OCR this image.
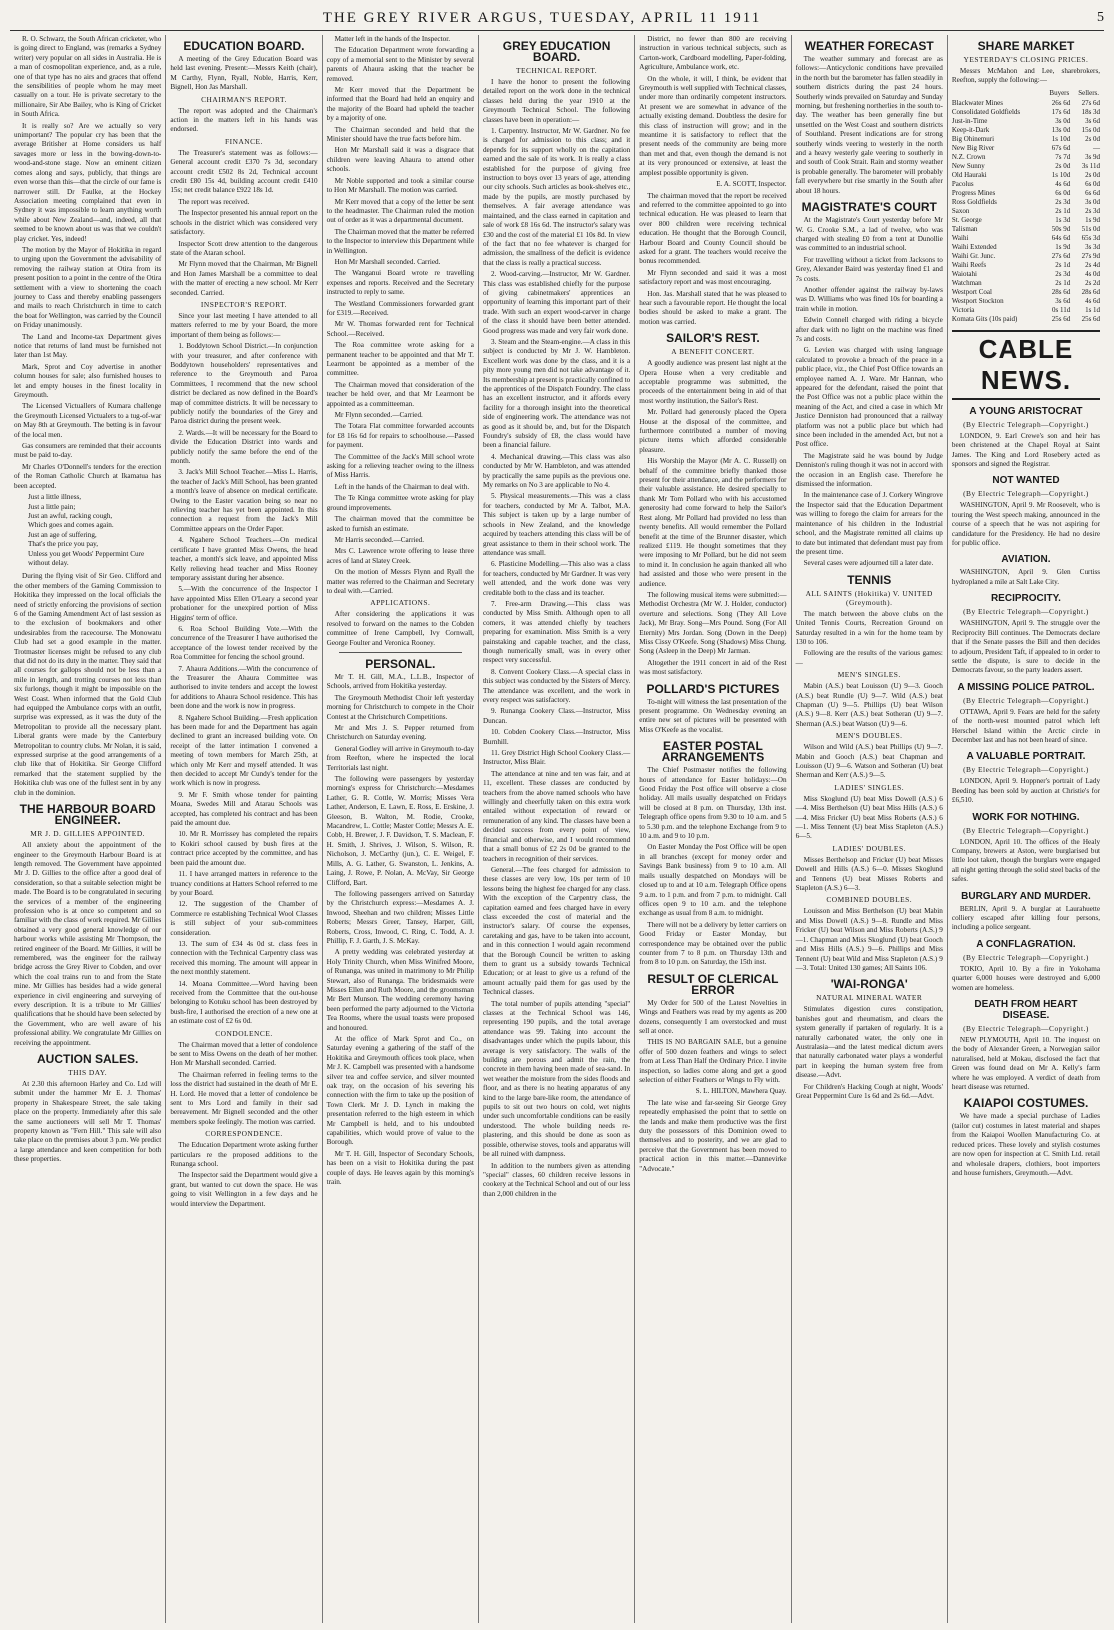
THE GREY RIVER ARGUS, TUESDAY, APRIL 11 1911	5

R. O. Schwarz, the South African cricketer, who is going direct to England, was (remarks a Sydney writer) very popular on all sides in Australia. He is a man of cosmopolitan experience, and, as a rule, one of that type has no airs and graces that offend the sensibilities of people whom he may meet casually on a tour. He is private secretary to the millionaire, Sir Abe Bailey, who is King of Cricket in South Africa.

It is really so? Are we actually so very unimportant? The popular cry has been that the average Britisher at Home considers us half savages more or less in the bowing-down-to-wood-and-stone stage. Now an eminent citizen comes along and says, publicly, that things are even worse than this—that the circle of our fame is narrower still. Dr Faulke, at the Hockey Association meeting complained that even in Sydney it was impossible to learn anything worth while about New Zealand—and, indeed, all that seemed to be known about us was that we couldn't play cricket. Yes, indeed!

The motion by the Mayor of Hokitika in regard to urging upon the Government the advisability of removing the railway station at Otira from its present position to a point in the centre of the Otira settlement with a view to shortening the coach journey to Cass and thereby enabling passengers and mails to reach Christchurch in time to catch the boat for Wellington, was carried by the Council on Friday unanimously.

The Land and Income-tax Department gives notice that returns of land must be furnished not later than 1st May.

Mark, Sprot and Coy advertise in another column houses for sale; also furnished houses to let and empty houses in the finest locality in Greymouth.

The Licensed Victuallers of Kumara challenge the Greymouth Licensed Victualers to a tug-of-war on May 8th at Greymouth. The betting is in favour of the local men.

Gas consumers are reminded that their accounts must be paid to-day.

Mr Charles O'Donnell's tenders for the erection of the Roman Catholic Church at Ikamatua has been accepted.

Just a little illness,
Just a little pain;
Just an awful, racking cough,
Which goes and comes again.
Just an age of suffering,
That's the price you pay,
Unless you get Woods' Peppermint Cure without delay.

During the flying visit of Sir Geo. Clifford and the other members of the Gaming Commission to Hokitika they impressed on the local officials the need of strictly enforcing the provisions of section 6 of the Gaming Amendment Act of last session as to the exclusion of bookmakers and other undesirables from the racecourse. The Monowatu Club had set a good example in the matter. Trotmaster licenses might be refused to any club that did not do its duty in the matter. They said that all courses for gallops should not be less than a mile in length, and trotting courses not less than six furlongs, though it might be impossible on the West Coast. When informed that the Gold Club had equipped the Ambulance corps with an outfit, surprise was expressed, as it was the duty of the Metropolitan to provide all the necessary plant. Liberal grants were made by the Canterbury Metropolitan to country clubs. Mr Nolan, it is said, expressed surprise at the good arrangements of a club like that of Hokitika. Sir George Clifford remarked that the statement supplied by the Hokitika club was one of the fullest sent in by any club in the dominion.

THE HARBOUR BOARD ENGINEER.
MR J. D. GILLIES APPOINTED.

All anxiety about the appointment of the engineer to the Greymouth Harbour Board is at length removed. The Government have appointed Mr J. D. Gillies to the office after a good deal of consideration, so that a suitable selection might be made. The Board is to be congratulated in securing the services of a member of the engineering profession who is at once so competent and so familiar with the class of work required. Mr Gillies obtained a very good general knowledge of our harbour works while assisting Mr Thompson, the retired engineer of the Board. Mr Gillies, it will be remembered, was the engineer for the railway bridge across the Grey River to Cobden, and over which the coal trains run to and from the State mine. Mr Gillies has besides had a wide general experience in civil engineering and surveying of every description. It is a tribute to Mr Gillies' qualifications that he should have been selected by the Government, who are well aware of his professional ability. We congratulate Mr Gillies on receiving the appointment.

AUCTION SALES.
THIS DAY.

At 2.30 this afternoon Harley and Co. Ltd will submit under the hammer Mr E. J. Thomas' property in Shakespeare Street, the sale taking place on the property. Immediately after this sale the same auctioneers will sell Mr T. Thomas' property known as "Fern Hill." This sale will also take place on the premises about 3 p.m. We predict a large attendance and keen competition for both these properties.

EDUCATION BOARD.

A meeting of the Grey Education Board was held last evening. Present:—Messrs Keith (chair), M Carthy, Flynn, Ryall, Noble, Harris, Kerr, Bignell, Hon Jas Marshall.

CHAIRMAN'S REPORT.

The report was adopted and the Chairman's action in the matters left in his hands was endorsed.

FINANCE.

The Treasurer's statement was as follows:—General account credit £370 7s 3d, secondary account credit £502 8s 2d, Technical account credit £80 15s 4d, building account credit £410 15s; net credit balance £922 18s 1d.

The report was received.

The Inspector presented his annual report on the schools in the district which was considered very satisfactory.

Inspector Scott drew attention to the dangerous state of the Ataran school.

Mr Flynn moved that the Chairman, Mr Bignell and Hon James Marshall be a committee to deal with the matter of erecting a new school. Mr Kerr seconded. Carried.

INSPECTOR'S REPORT.

Since your last meeting I have attended to all matters referred to me by your Board, the more important of them being as follows:—

1. Boddytown School District.—In conjunction with your treasurer, and after conference with Boddytown householders' representatives and reference to the Greymouth and Paroa Committees, I recommend that the new school district be declared as now defined in the Board's map of committee districts. It will be necessary to publicly notify the boundaries of the Grey and Paroa district during the present week.

2. Wards.—It will be necessary for the Board to divide the Education District into wards and publicly notify the same before the end of the month.

3. Jack's Mill School Teacher.—Miss L. Harris, the teacher of Jack's Mill School, has been granted a month's leave of absence on medical certificate. Owing to the Easter vacation being so near no relieving teacher has yet been appointed. In this connection a request from the Jack's Mill Committee appears on the Order Paper.

4. Ngahere School Teachers.—On medical certificate I have granted Miss Owens, the head teacher, a month's sick leave, and appointed Miss Kelly relieving head teacher and Miss Rooney temporary assistant during her absence.

5.—With the concurrence of the Inspector I have appointed Miss Ellen O'Leary a second year probationer for the unexpired portion of Miss Higgins' term of office.

6. Roa School Building Vote.—With the concurrence of the Treasurer I have authorised the acceptance of the lowest tender received by the Roa Committee for fencing the school ground.

7. Ahaura Additions.—With the concurrence of the Treasurer the Ahaura Committee was authorised to invite tenders and accept the lowest for additions to Ahaura School residence. This has been done and the work is now in progress.

8. Ngahere School Building.—Fresh application has been made for and the Department has again declined to grant an increased building vote. On receipt of the latter intimation I convened a meeting of town members for March 25th, at which only Mr Kerr and myself attended. It was then decided to accept Mr Cundy's tender for the work which is now in progress.

9. Mr F. Smith whose tender for painting Moana, Swedes Mill and Atarau Schools was accepted, has completed his contract and has been paid the amount due.

10. Mr R. Morrissey has completed the repairs to Kokiri school caused by bush fires at the contract price accepted by the committee, and has been paid the amount due.

11. I have arranged matters in reference to the truancy conditions at Hatters School referred to me by your Board.

12. The suggestion of the Chamber of Commerce re establishing Technical Wool Classes is still subject of your sub-committees consideration.

13. The sum of £34 4s 0d st. class fees in connection with the Technical Carpentry class was received this morning. The amount will appear in the next monthly statement.

14. Moana Committee.—Word having been received from the Committee that the out-house belonging to Kotuku school has been destroyed by bush-fire, I authorised the erection of a new one at an estimate cost of £2 6s 0d.

CONDOLENCE.

The Chairman moved that a letter of condolence be sent to Miss Owens on the death of her mother. Hon Mr Marshall seconded. Carried.

The Chairman referred in feeling terms to the loss the district had sustained in the death of Mr E. H. Lord. He moved that a letter of condolence be sent to Mrs Lord and family in their sad bereavement. Mr Bignell seconded and the other members spoke feelingly. The motion was carried.

CORRESPONDENCE.

The Education Department wrote asking further particulars re the proposed additions to the Runanga school.

The Inspector said the Department would give a grant, but wanted to cut down the space. He was going to visit Wellington in a few days and he would interview the Department.

Matter left in the hands of the Inspector.

The Education Department wrote forwarding a copy of a memorial sent to the Minister by several parents of Ahaura asking that the teacher be removed.

Mr Kerr moved that the Department be informed that the Board had held an enquiry and the majority of the Board had upheld the teacher by a majority of one.

The Chairman seconded and held that the Minister should have the true facts before him.

Hon Mr Marshall said it was a disgrace that children were leaving Ahaura to attend other schools.

Mr Noble supported and took a similar course to Hon Mr Marshall. The motion was carried.

Mr Kerr moved that a copy of the letter be sent to the headmaster. The Chairman ruled the motion out of order as it was a departmental document.

The Chairman moved that the matter be referred to the Inspector to interview this Department while in Wellington.

Hon Mr Marshall seconded. Carried.

The Wanganui Board wrote re travelling expenses and reports. Received and the Secretary instructed to reply to same.

The Westland Commissioners forwarded grant for £319.—Received.

Mr W. Thomas forwarded rent for Technical School.—Received.

The Roa committee wrote asking for a permanent teacher to be appointed and that Mr T. Learmont be appointed as a member of the committee.

The Chairman moved that consideration of the teacher be held over, and that Mr Learmont be appointed as a committeeman.

Mr Flynn seconded.—Carried.

The Totara Flat committee forwarded accounts for £8 16s 6d for repairs to schoolhouse.—Passed for payment.

The Committee of the Jack's Mill school wrote asking for a relieving teacher owing to the illness of Miss Harris.

Left in the hands of the Chairman to deal with.

The Te Kinga committee wrote asking for play ground improvements.

The chairman moved that the committee be asked to furnish an estimate.

Mr Harris seconded.—Carried.

Mrs C. Lawrence wrote offering to lease three acres of land at Slatey Creek.

On the motion of Messrs Flynn and Ryall the matter was referred to the Chairman and Secretary to deal with.—Carried.

APPLICATIONS.

After considering the applications it was resolved to forward on the names to the Cobden committee of Irene Campbell, Ivy Cornwall, George Foulter and Veronica Rooney.

PERSONAL.

Mr T. H. Gill, M.A., L.L.B., Inspector of Schools, arrived from Hokitika yesterday.

The Greymouth Methodist Choir left yesterday morning for Christchurch to compete in the Choir Contest at the Christchurch Competitions.

Mr and Mrs J. S. Pepper returned from Christchurch on Saturday evening.

General Godley will arrive in Greymouth to-day from Reefton, where he inspected the local Territorials last night.

The following were passengers by yesterday morning's express for Christchurch:—Mesdames Lather, G. R. Cottle, W. Morris; Misses Vera Lather, Anderson, E. Lawn, E. Ross, E. Erskine, J. Gleeson, B. Walton, M. Rodie, Crooke, Macandrew, L. Cottle; Master Cottle; Messrs A. E. Cobb, H. Brewer, J. F. Davidson, T. S. Maclean, F. H. Smith, J. Shrives, J. Wilson, S. Wilson, R. Nicholson, J. McCarthy (jun.), C. E. Weigel, F. Mills, A. G. Lather, G. Swanston, L. Jenkins, A. Laing, J. Rowe, P. Nolan, A. McVay, Sir George Clifford, Bart.

The following passengers arrived on Saturday by the Christchurch express:—Mesdames A. J. Inwood, Sheehan and two children; Misses Little Roberts; Messrs Greer, Tansey, Harper, Gill, Roberts, Cross, Inwood, C. Ring, C. Todd, A. J. Phillip, F. J. Garth, J. S. McKay.

A pretty wedding was celebrated yesterday at Holy Trinity Church, when Miss Winifred Moore, of Runanga, was united in matrimony to Mr Philip Stewart, also of Runanga. The bridesmaids were Misses Ellen and Ruth Moore, and the groomsman Mr Bert Munson. The wedding ceremony having been performed the party adjourned to the Victoria Tea Rooms, where the usual toasts were proposed and honoured.

At the office of Mark Sprot and Co., on Saturday evening a gathering of the staff of the Hokitika and Greymouth offices took place, when Mr J. K. Campbell was presented with a handsome silver tea and coffee service, and silver mounted oak tray, on the occasion of his severing his connection with the firm to take up the position of Town Clerk. Mr J. D. Lynch in making the presentation referred to the high esteem in which Mr Campbell is held, and to his undoubted capabilities, which would prove of value to the Borough.

Mr T. H. Gill, Inspector of Secondary Schools, has been on a visit to Hokitika during the past couple of days. He leaves again by this morning's train.

GREY EDUCATION BOARD.
TECHNICAL REPORT.

I have the honor to present the following detailed report on the work done in the technical classes held during the year 1910 at the Greymouth Technical School. The following classes have been in operation:—

1. Carpentry. Instructor, Mr W. Gardner. No fee is charged for admission to this class; and it depends for its support wholly on the capitation earned and the sale of its work. It is really a class established for the purpose of giving free instruction to boys over 13 years of age, attending our city schools. Such articles as book-shelves etc., made by the pupils, are mostly purchased by themselves. A fair average attendance was maintained, and the class earned in capitation and sale of work £8 16s 6d. The instructor's salary was £30 and the cost of the material £1 10s 8d. In view of the fact that no fee whatever is charged for admission, the smallness of the deficit is evidence that the class is really a practical success.

2. Wood-carving.—Instructor, Mr W. Gardner. This class was established chiefly for the purpose of giving cabinetmakers' apprentices an opportunity of learning this important part of their trade. With such an expert wood-carver in charge of the class it should have been better attended. Good progress was made and very fair work done.

3. Steam and the Steam-engine.—A class in this subject is conducted by Mr J. W. Hambleton. Excellent work was done by the class, and it is a pity more young men did not take advantage of it. Its membership at present is practically confined to the apprentices of the Dispatch Foundry. The class has an excellent instructor, and it affords every facility for a thorough insight into the theoretical side of engineering work. The attendance was not as good as it should be, and, but for the Dispatch Foundry's subsidy of £8, the class would have been a financial failure.

4. Mechanical drawing.—This class was also conducted by Mr W. Hambleton, and was attended by practically the same pupils as the previous one. My remarks on No 3 are applicable to No 4.

5. Physical measurements.—This was a class for teachers, conducted by Mr A. Talbot, M.A. This subject is taken up by a large number of schools in New Zealand, and the knowledge acquired by teachers attending this class will be of great assistance to them in their school work. The attendance was small.

6. Plasticine Modelling.—This also was a class for teachers, conducted by Mr Gardner. It was very well attended, and the work done was very creditable both to the class and its teacher.

7. Free-arm Drawing.—This class was conducted by Miss Smith. Although open to all comers, it was attended chiefly by teachers preparing for examination. Miss Smith is a very painstaking and capable teacher, and the class, though numerically small, was in every other respect very successful.

8. Convent Cookery Class.—A special class in this subject was conducted by the Sisters of Mercy. The attendance was excellent, and the work in every respect was satisfactory.

9. Runanga Cookery Class.—Instructor, Miss Duncan.

10. Cobden Cookery Class.—Instructor, Miss Burnhill.

11. Grey District High School Cookery Class.—Instructor, Miss Blair.

The attendance at nine and ten was fair, and at 11, excellent. These classes are conducted by teachers from the above named schools who have willingly and cheerfully taken on this extra work entailed without expectation of reward or remuneration of any kind. The classes have been a decided success from every point of view, financial and otherwise, and I would recommend that a small bonus of £2 2s 0d be granted to the teachers in recognition of their services.

General.—The fees charged for admission to these classes are very low, 10s per term of 10 lessons being the highest fee charged for any class. With the exception of the Carpentry class, the capitation earned and fees charged have in every class exceeded the cost of material and the instructor's salary. Of course the expenses, caretaking and gas, have to be taken into account, and in this connection I would again recommend that the Borough Council be written to asking them to grant us a subsidy towards Technical Education; or at least to give us a refund of the amount actually paid them for gas used by the Technical classes.

The total number of pupils attending "special" classes at the Technical School was 146, representing 190 pupils, and the total average attendance was 99. Taking into account the disadvantages under which the pupils labour, this average is very satisfactory. The walls of the building are porous and admit the rain, the concrete in them having been made of sea-sand. In wet weather the moisture from the sides floods and floor, and as there is no heating apparatus of any kind to the large bare-like room, the attendance of pupils to sit out two hours on cold, wet nights under such uncomfortable conditions can be easily understood. The whole building needs re-plastering, and this should be done as soon as possible, otherwise stoves, tools and apparatus will be all ruined with dampness.

In addition to the numbers given as attending "special" classes, 60 children receive lessons in cookery at the Technical School and out of our less than 2,000 children in the

District, no fewer than 800 are receiving instruction in various technical subjects, such as Carton-work, Cardboard modelling, Paper-folding, Agriculture, Ambulance work, etc.

On the whole, it will, I think, be evident that Greymouth is well supplied with Technical classes, under more than ordinarily competent instructors. At present we are somewhat in advance of the actually existing demand. Doubtless the desire for this class of instruction will grow; and in the meantime it is satisfactory to reflect that the present needs of the community are being more than met and that, even though the demand is not at its very pronounced or extensive, at least the amplest possible opportunity is given.

E. A. SCOTT, Inspector.

The chairman moved that the report be received and referred to the committee appointed to go into technical education. He was pleased to learn that over 800 children were receiving technical education. He thought that the Borough Council, Harbour Board and County Council should be asked for a grant. The teachers would receive the bonus recommended.

Mr Flynn seconded and said it was a most satisfactory report and was most encouraging.

Hon. Jas. Marshall stated that he was pleased to hear such a favourable report. He thought the local bodies should be asked to make a grant. The motion was carried.

SAILOR'S REST.
A BENEFIT CONCERT.

A goodly audience was present last night at the Opera House when a very creditable and acceptable programme was submitted, the proceeds of the entertainment being in aid of that most worthy institution, the Sailor's Rest.

Mr. Pollard had generously placed the Opera House at the disposal of the committee, and furthermore contributed a number of moving picture items which afforded considerable pleasure.

His Worship the Mayor (Mr A. C. Russell) on behalf of the committee briefly thanked those present for their attendance, and the performers for their valuable assistance. He desired specially to thank Mr Tom Pollard who with his accustomed generosity had come forward to help the Sailor's Rest along. Mr Pollard had provided no less than twenty benefits. All would remember the Pollard benefit at the time of the Brunner disaster, which realized £119. He thought sometimes that they were imposing to Mr Pollard, but he did not seem to mind it. In conclusion he again thanked all who had assisted and those who were present in the audience.

The following musical items were submitted:—Methodist Orchestra (Mr W. J. Holder, conductor) overture and selections. Song (They All Love Jack), Mr Bray. Song—Mrs Pound. Song (For All Eternity) Mrs Jordan. Song (Down in the Deep) Miss Cissy O'Keefe. Song (Shadows) Miss Chung. Song (Asleep in the Deep) Mr Jarman.

Altogether the 1911 concert in aid of the Rest was most satisfactory.

POLLARD'S PICTURES

To-night will witness the last presentation of the present programme. On Wednesday evening an entire new set of pictures will be presented with Miss O'Keefe as the vocalist.

EASTER POSTAL ARRANGEMENTS

The Chief Postmaster notifies the following hours of attendance for Easter holidays:—On Good Friday the Post office will observe a close holiday. All mails usually despatched on Fridays will be closed at 8 p.m. on Thursday, 13th inst. Telegraph office opens from 9.30 to 10 a.m. and 5 to 5.30 p.m. and the telephone Exchange from 9 to 10 a.m. and 9 to 10 p.m.

On Easter Monday the Post Office will be open in all branches (except for money order and Savings Bank business) from 9 to 10 a.m. All mails usually despatched on Mondays will be closed up to and at 10 a.m. Telegraph Office opens 9 a.m. to 1 p.m. and from 7 p.m. to midnight. Call offices open 9 to 10 a.m. and the telephone exchange as usual from 8 a.m. to midnight.

There will not be a delivery by letter carriers on Good Friday or Easter Monday, but correspondence may be obtained over the public counter from 7 to 8 p.m. on Thursday 13th and from 8 to 10 p.m. on Saturday, the 15th inst.

RESULT OF CLERICAL ERROR

My Order for 500 of the Latest Novelties in Wings and Feathers was read by my agents as 200 dozens, consequently I am overstocked and must sell at once.

THIS IS NO BARGAIN SALE, but a genuine offer of 500 dozen feathers and wings to select from at Less Than Half the Ordinary Price. I invite inspection, so ladies come along and get a good selection of either Feathers or Wings to Fly with.

S. L. HILTON, Mawhera Quay.

The late wise and far-seeing Sir George Grey repeatedly emphasised the point that to settle on the lands and make them productive was the first duty the possessors of this Dominion owed to themselves and to posterity, and we are glad to perceive that the Government has been moved to practical action in this matter.—Dannevirke "Advocate."

WEATHER FORECAST

The weather summary and forecast are as follows:—Anticyclonic conditions have prevailed in the north but the barometer has fallen steadily in southern districts during the past 24 hours. Southerly winds prevailed on Saturday and Sunday morning, but freshening northerlies in the south to-day. The weather has been generally fine but unsettled on the West Coast and southern districts of Southland. Present indications are for strong southerly winds veering to westerly in the north and a heavy westerly gale veering to southerly in and south of Cook Strait. Rain and stormy weather is probable generally. The barometer will probably fall everywhere but rise smartly in the South after about 18 hours.

MAGISTRATE'S COURT

At the Magistrate's Court yesterday before Mr W. G. Crooke S.M., a lad of twelve, who was charged with stealing £0 from a tent at Dunollie was committed to an industrial school.

For travelling without a ticket from Jacksons to Grey, Alexander Baird was yesterday fined £1 and 7s costs.

Another offender against the railway by-laws was D. Williams who was fined 10s for boarding a train while in motion.

Edwin Connell charged with riding a bicycle after dark with no light on the machine was fined 7s and costs.

G. Levien was charged with using language calculated to provoke a breach of the peace in a public place, viz., the Chief Post Office towards an employee named A. J. Ware. Mr Hannan, who appeared for the defendant, raised the point that the Post Office was not a public place within the meaning of the Act, and cited a case in which Mr Justice Denniston had pronounced that a railway platform was not a public place but which had since been included in the amended Act, but not a Post office.

The Magistrate said he was bound by Judge Denniston's ruling though it was not in accord with the occasion in an English case. Therefore he dismissed the information.

In the maintenance case of J. Corkery Wingrove the Inspector said that the Education Department was willing to forego the claim for arrears for the maintenance of his children in the Industrial school, and the Magistrate remitted all claims up to date but intimated that defendant must pay from the present time.

Several cases were adjourned till a later date.

TENNIS
ALL SAINTS (Hokitika) V. UNITED (Greymouth).

The match between the above clubs on the United Tennis Courts, Recreation Ground on Saturday resulted in a win for the home team by 130 to 106.

Following are the results of the various games:—

MEN'S SINGLES.

Mabin (A.S.) beat Louisson (U) 9—3. Gooch (A.S.) beat Rundle (U) 9—7. Wild (A.S.) beat Chapman (U) 9—5. Phillips (U) beat Wilson (A.S.) 9—8. Kerr (A.S.) beat Sotheran (U) 9—7. Sherman (A.S.) beat Watson (U) 9—6.

MEN'S DOUBLES.

Wilson and Wild (A.S.) beat Phillips (U) 9—7. Mabin and Gooch (A.S.) beat Chapman and Louisson (U) 9—6. Watson and Sotheran (U) beat Sherman and Kerr (A.S.) 9—5.

LADIES' SINGLES.

Miss Skoglund (U) beat Miss Dowell (A.S.) 6—4. Miss Berthelson (U) beat Miss Hills (A.S.) 6—4. Miss Fricker (U) beat Miss Roberts (A.S.) 6—1. Miss Tennent (U) beat Miss Stapleton (A.S.) 6—5.

LADIES' DOUBLES.

Misses Berthelsop and Fricker (U) beat Misses Dowell and Hills (A.S.) 6—0. Misses Skoglund and Tennens (U) beat Misses Roberts and Stapleton (A.S.) 6—3.

COMBINED DOUBLES.

Louisson and Miss Berthelson (U) beat Mabin and Miss Dowell (A.S.) 9—8. Rundle and Miss Fricker (U) beat Wilson and Miss Roberts (A.S.) 9—1. Chapman and Miss Skoglund (U) beat Gooch and Miss Hills (A.S.) 9—6. Phillips and Miss Tennent (U) beat Wild and Miss Stapleton (A.S.) 9—3. Total: United 130 games; All Saints 106.

'WAI-RONGA'
NATURAL MINERAL WATER

Stimulates digestion cures constipation, banishes gout and rheumatism, and clears the system generally if partaken of regularly. It is a naturally carbonated water, the only one in Australasia—and the latest medical dictum avers that naturally carbonated water plays a wonderful part in keeping the human system free from disease.—Advt.

For Children's Hacking Cough at night, Woods' Great Peppermint Cure 1s 6d and 2s 6d.—Advt.

SHARE MARKET
YESTERDAY'S CLOSING PRICES.

Messrs McMahon and Lee, sharebrokers, Reefton, supply the following:—

	Buyers	Sellers.
Blackwater Mines	26s 6d	27s 6d
Consolidated Goldfields	17s 6d	18s 3d
Just-in-Time	3s 0d	3s 6d
Keep-it-Dark	13s 0d	15s 0d
Big Ohinemuri	1s 10d	2s 0d
New Big River	67s 6d	—
N.Z. Crown	7s 7d	3s 9d
New Sunny	2s 0d	3s 11d
Old Hauraki	1s 10d	2s 0d
Pacolus	4s 6d	6s 0d
Progress Mines	6s 0d	6s 6d
Ross Goldfields	2s 3d	3s 0d
Saxon	2s 1d	2s 3d
St. George	1s 3d	1s 9d
Talisman	50s 9d	51s 0d
Waihi	64s 6d	65s 3d
Waihi Extended	1s 9d	3s 3d
Waihi Gr. Junc.	27s 6d	27s 9d
Waihi Reefs	2s 1d	2s 4d
Waiotahi	2s 3d	4s 0d
Watchman	2s 1d	2s 2d
Westport Coal	28s 6d	28s 6d
Westport Stockton	3s 6d	4s 6d
Victoria	0s 11d	1s 1d
Komata Gits (10s paid)	25s 6d	25s 6d
CABLE NEWS.
A YOUNG ARISTOCRAT
(By Electric Telegraph—Copyright.)

LONDON, 9. Earl Crewe's son and heir has been christened at the Chapel Royal at Saint James. The King and Lord Rosebery acted as sponsors and signed the Registrar.

NOT WANTED
(By Electric Telegraph—Copyright.)

WASHINGTON, April 9. Mr Roosevelt, who is touring the West speech making, announced in the course of a speech that he was not aspiring for candidature for the Presidency. He had no desire for public office.

AVIATION.

WASHINGTON, April 9. Glen Curtiss hydroplaned a mile at Salt Lake City.

RECIPROCITY.
(By Electric Telegraph—Copyright.)

WASHINGTON, April 9. The struggle over the Reciprocity Bill continues. The Democrats declare that if the Senate passes the Bill and then decides to adjourn, President Taft, if appealed to in order to settle the dispute, is sure to decide in the Democrats favour, so the party leaders assert.

A MISSING POLICE PATROL.
(By Electric Telegraph—Copyright.)

OTTAWA, April 9. Fears are held for the safety of the north-west mounted patrol which left Herschel Island within the Arctic circle in December last and has not been heard of since.

A VALUABLE PORTRAIT.
(By Electric Telegraph—Copyright.)

LONDON, April 9. Hoppner's portrait of Lady Beeding has been sold by auction at Christie's for £6,510.

WORK FOR NOTHING.
(By Electric Telegraph—Copyright.)

LONDON, April 10. The offices of the Healy Company, brewers at Aston, were burglarised but little loot taken, though the burglars were engaged all night getting through the solid steel backs of the safes.

BURGLARY AND MURDER.

BERLIN, April 9. A burglar at Laurahuette colliery escaped after killing four persons, including a police sergeant.

A CONFLAGRATION.
(By Electric Telegraph—Copyright.)

TOKIO, April 10. By a fire in Yokohama quarter 6,000 houses were destroyed and 6,000 women are homeless.

DEATH FROM HEART DISEASE.
(By Electric Telegraph—Copyright.)

NEW PLYMOUTH, April 10. The inquest on the body of Alexander Green, a Norwegian sailor naturalised, held at Mokau, disclosed the fact that Green was found dead on Mr A. Kelly's farm where he was employed. A verdict of death from heart disease was returned.

KAIAPOI COSTUMES.

We have made a special purchase of Ladies (tailor cut) costumes in latest material and shapes from the Kaiapoi Woollen Manufacturing Co. at reduced prices. These lovely and stylish costumes are now open for inspection at C. Smith Ltd. retail and wholesale drapers, clothiers, boot importers and house furnishers, Greymouth.—Advt.
